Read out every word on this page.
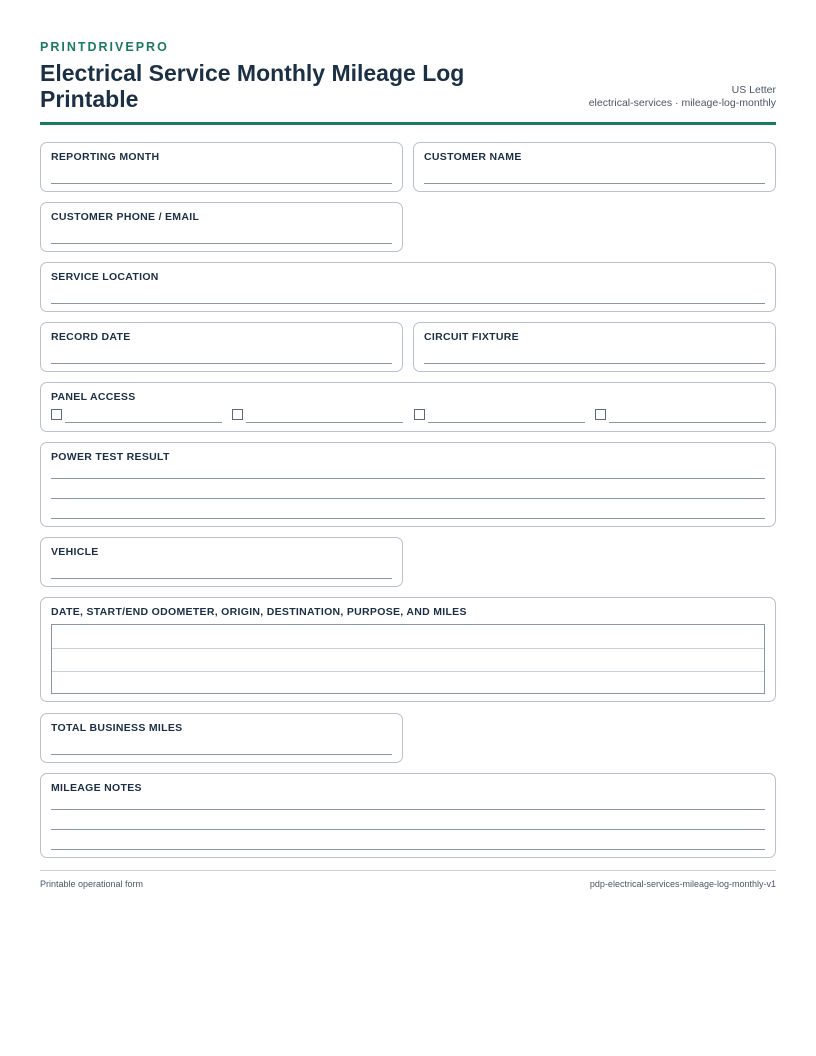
PRINTDRIVEPRO
Electrical Service Monthly Mileage Log Printable	US Letter
electrical-services · mileage-log-monthly
REPORTING MONTH	CUSTOMER NAME
CUSTOMER PHONE / EMAIL
SERVICE LOCATION
RECORD DATE	CIRCUIT FIXTURE
PANEL ACCESS
POWER TEST RESULT
VEHICLE
DATE, START/END ODOMETER, ORIGIN, DESTINATION, PURPOSE, AND MILES
TOTAL BUSINESS MILES
MILEAGE NOTES
Printable operational form	pdp-electrical-services-mileage-log-monthly-v1
